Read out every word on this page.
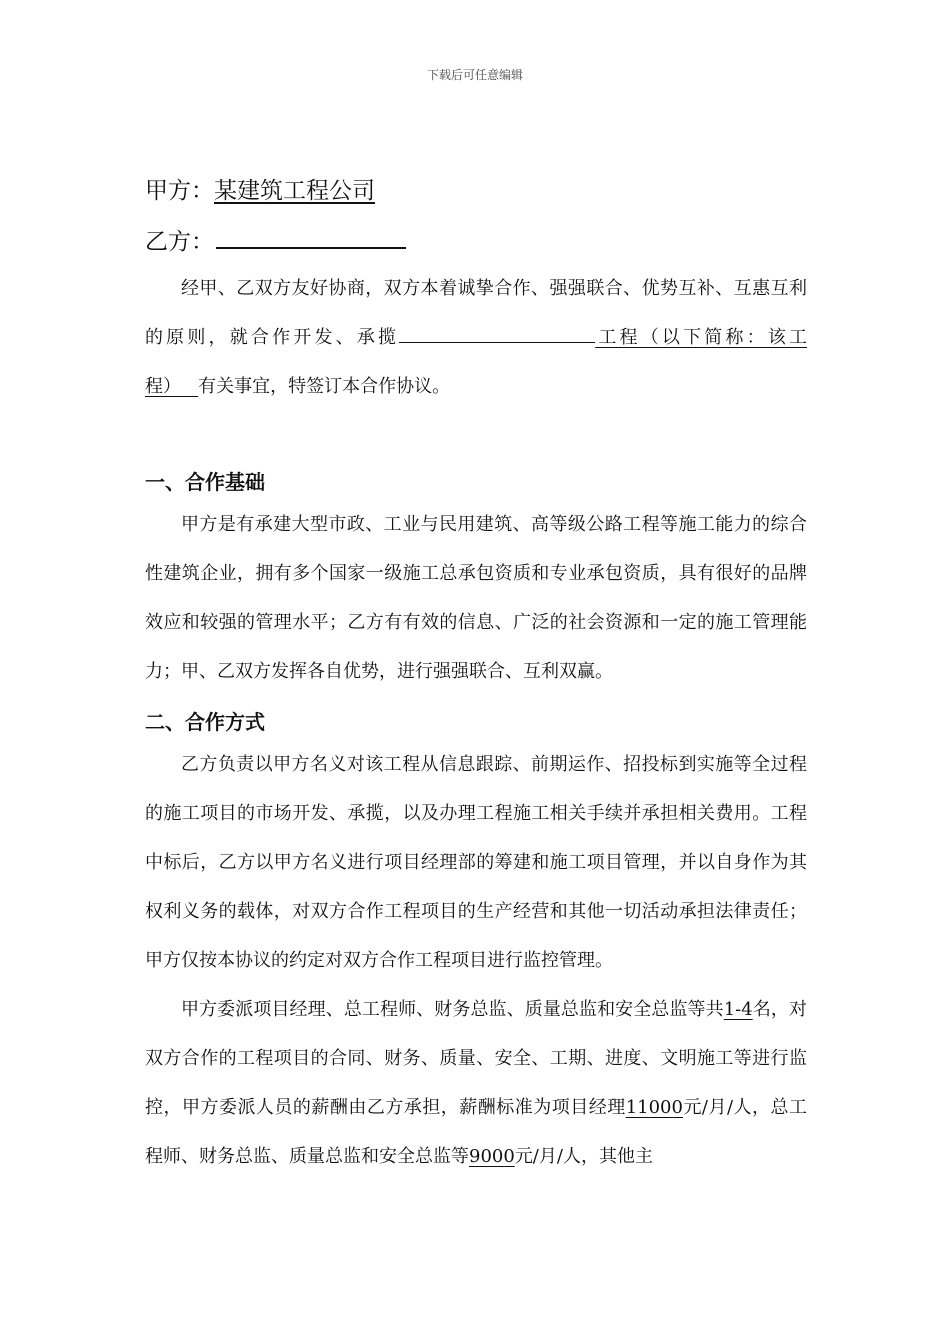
下载后可任意编辑
甲方：某建筑工程公司
乙方：

经甲、乙双方友好协商，双方本着诚挚合作、强强联合、优势互补、互惠互利的原则，就合作开发、承揽	工程（以下简称：该工程） 有关事宜，特签订本合作协议。

一、合作基础

甲方是有承建大型市政、工业与民用建筑、高等级公路工程等施工能力的综合性建筑企业，拥有多个国家一级施工总承包资质和专业承包资质，具有很好的品牌效应和较强的管理水平；乙方有有效的信息、广泛的社会资源和一定的施工管理能力；甲、乙双方发挥各自优势，进行强强联合、互利双赢。

二、合作方式

乙方负责以甲方名义对该工程从信息跟踪、前期运作、招投标到实施等全过程的施工项目的市场开发、承揽，以及办理工程施工相关手续并承担相关费用。工程中标后，乙方以甲方名义进行项目经理部的筹建和施工项目管理，并以自身作为其权利义务的载体，对双方合作工程项目的生产经营和其他一切活动承担法律责任；甲方仅按本协议的约定对双方合作工程项目进行监控管理。

甲方委派项目经理、总工程师、财务总监、质量总监和安全总监等共1-4名，对双方合作的工程项目的合同、财务、质量、安全、工期、进度、文明施工等进行监控，甲方委派人员的薪酬由乙方承担，薪酬标准为项目经理11000元/月/人，总工程师、财务总监、质量总监和安全总监等9000元/月/人，其他主
